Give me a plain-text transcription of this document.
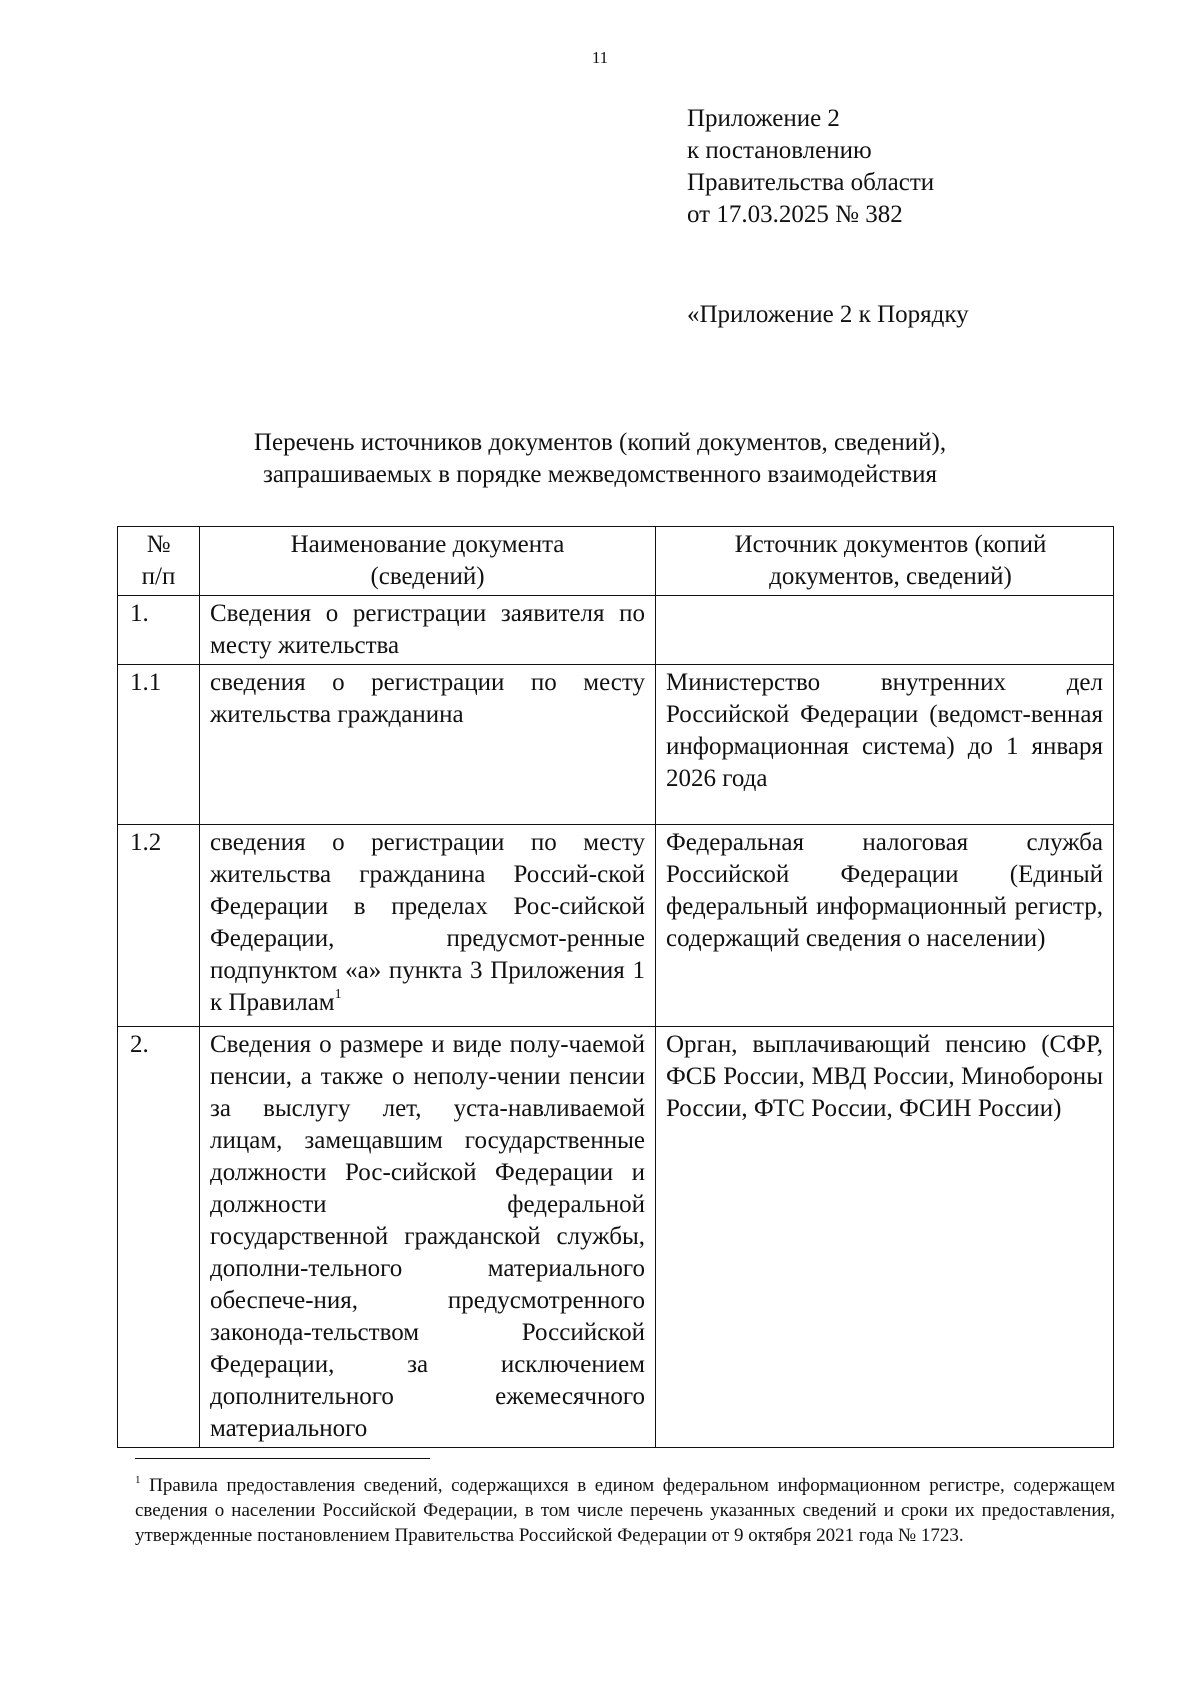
11
Приложение 2
к постановлению
Правительства области
от 17.03.2025 № 382
«Приложение 2 к Порядку
Перечень источников документов (копий документов, сведений),
запрашиваемых в порядке межведомственного взаимодействия
№ п/п	Наименование документа (сведений)	Источник документов (копий документов, сведений)
1.	Сведения о регистрации заявителя по месту жительства	
1.1	сведения о регистрации по месту жительства гражданина	Министерство внутренних дел Российской Федерации (ведомст-венная информационная система) до 1 января 2026 года
1.2	сведения о регистрации по месту жительства гражданина Россий-ской Федерации в пределах Рос-сийской Федерации, предусмот-ренные подпунктом «а» пункта 3 Приложения 1 к Правилам$^1$	Федеральная налоговая служба Российской Федерации (Единый федеральный информационный регистр, содержащий сведения о населении)
2.	Сведения о размере и виде полу-чаемой пенсии, а также о неполу-чении пенсии за выслугу лет, уста-навливаемой лицам, замещавшим государственные должности Рос-сийской Федерации и должности федеральной государственной гражданской службы, дополни-тельного материального обеспече-ния, предусмотренного законода-тельством Российской Федерации, за исключением дополнительного ежемесячного материального	Орган, выплачивающий пенсию (СФР, ФСБ России, МВД России, Минобороны России, ФТС России, ФСИН России)
$^1$ Правила предоставления сведений, содержащихся в едином федеральном информационном регистре, содержащем сведения о населении Российской Федерации, в том числе перечень указанных сведений и сроки их предоставления, утвержденные постановлением Правительства Российской Федерации от 9 октября 2021 года № 1723.
